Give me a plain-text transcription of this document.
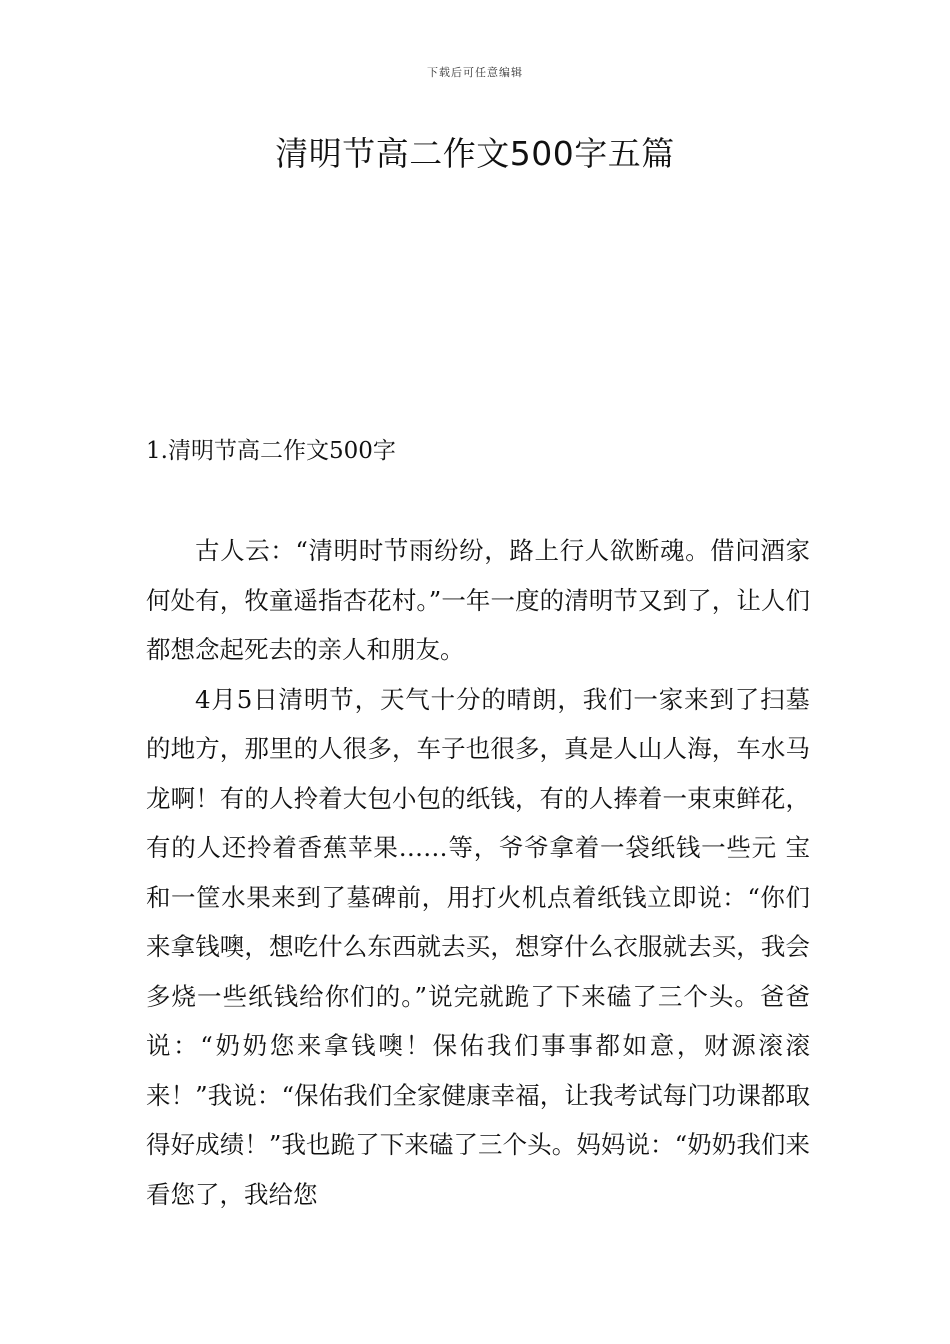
下载后可任意编辑
清明节高二作文500字五篇
1.清明节高二作文500字

古人云：“清明时节雨纷纷，路上行人欲断魂。借问酒家何处有，牧童遥指杏花村。”一年一度的清明节又到了，让人们都想念起死去的亲人和朋友。

4月5日清明节，天气十分的晴朗，我们一家来到了扫墓的地方，那里的人很多，车子也很多，真是人山人海，车水马龙啊！有的人拎着大包小包的纸钱，有的人捧着一束束鲜花，有的人还拎着香蕉苹果……等，爷爷拿着一袋纸钱一些元 宝和一筐水果来到了墓碑前，用打火机点着纸钱立即说：“你们来拿钱噢，想吃什么东西就去买，想穿什么衣服就去买，我会多烧一些纸钱给你们的。”说完就跪了下来磕了三个头。爸爸说：“奶奶您来拿钱噢！保佑我们事事都如意，财源滚滚来！”我说：“保佑我们全家健康幸福，让我考试每门功课都取得好成绩！”我也跪了下来磕了三个头。妈妈说：“奶奶我们来看您了，我给您
